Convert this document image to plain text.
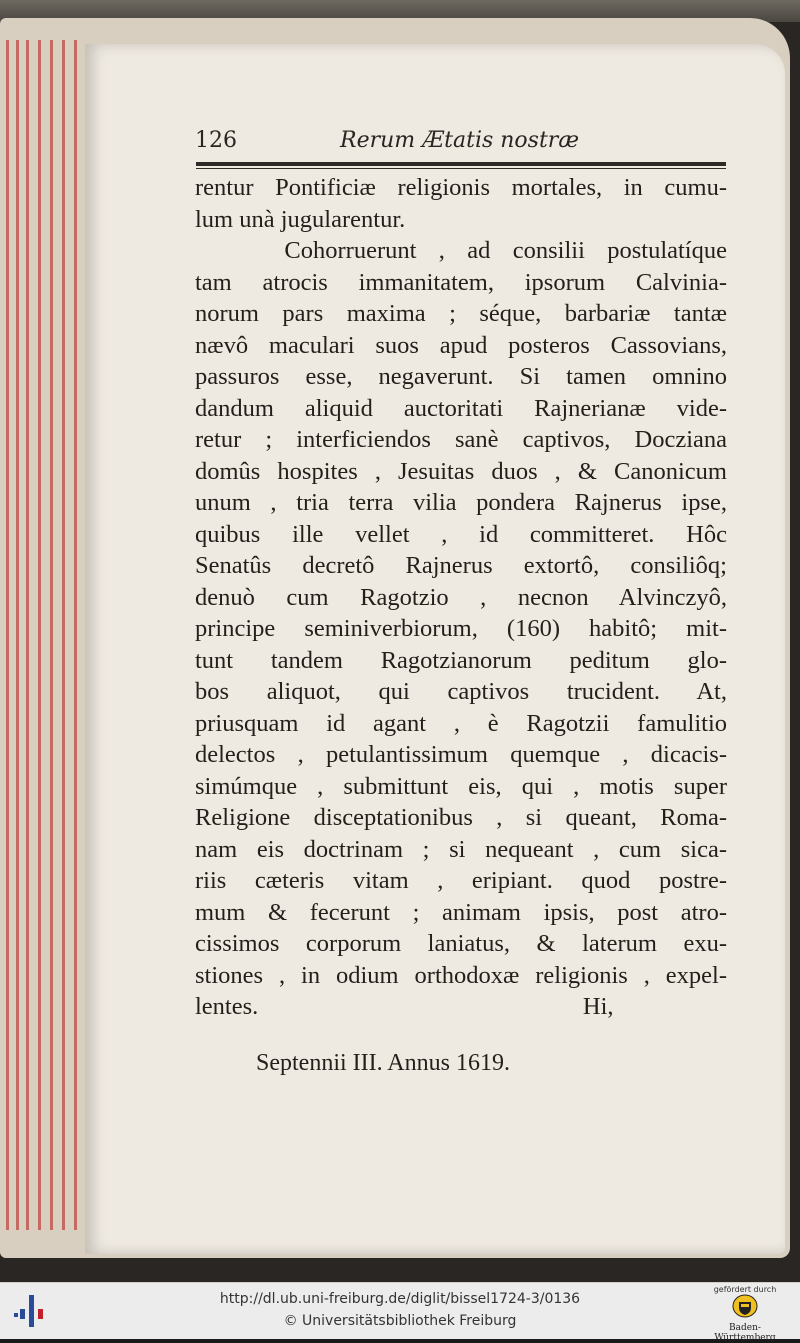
126	Rerum Ætatis nostræ
rentur Pontificiæ religionis mortales, in cumu-
lum unà jugularentur.
Cohorruerunt , ad consilii postulatíque
tam atrocis immanitatem, ipsorum Calvinia-
norum pars maxima ; séque, barbariæ tantæ
nævô maculari suos apud posteros Cassovians,
passuros esse, negaverunt. Si tamen omnino
dandum aliquid auctoritati Rajnerianæ vide-
retur ; interficiendos sanè captivos, Docziana
domûs hospites , Jesuitas duos , & Canonicum
unum , tria terra vilia pondera Rajnerus ipse,
quibus ille vellet , id committeret. Hôc
Senatûs decretô Rajnerus extortô, consiliôq;
denuò cum Ragotzio , necnon Alvinczyô,
principe seminiverbiorum, (160) habitô; mit-
tunt tandem Ragotzianorum peditum glo-
bos aliquot, qui captivos trucident. At,
priusquam id agant , è Ragotzii famulitio
delectos , petulantissimum quemque , dicacis-
simúmque , submittunt eis, qui , motis super
Religione disceptationibus , si queant, Roma-
nam eis doctrinam ; si nequeant , cum sica-
riis cæteris vitam , eripiant. quod postre-
mum & fecerunt ; animam ipsis, post atro-
cissimos corporum laniatus, & laterum exu-
stiones , in odium orthodoxæ religionis , expel-
lentes.                                                     Hi,
Septennii III. Annus 1619.
http://dl.ub.uni-freiburg.de/diglit/bissel1724-3/0136
© Universitätsbibliothek Freiburg
gefördert durch
Baden-Württemberg
